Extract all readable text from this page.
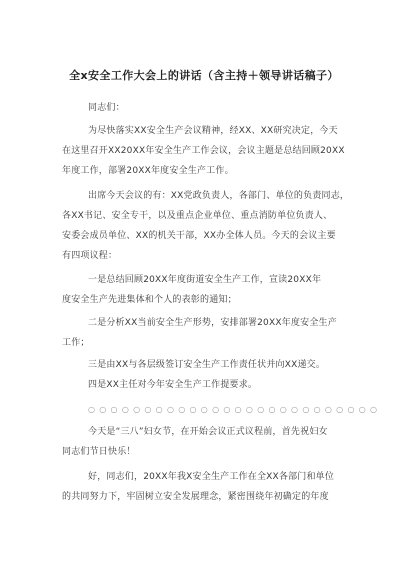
全x安全工作大会上的讲话（含主持＋领导讲话稿子）
同志们：
为尽快落实XX安全生产会议精神，经XX、XX研究决定，今天
在这里召开XX20XX年安全生产工作会议，会议主题是总结回顾20XX
年度工作，部署20XX年度安全生产工作。
出席今天会议的有：XX党政负责人，各部门、单位的负责同志，
各XX书记、安全专干，以及重点企业单位、重点消防单位负责人、
安委会成员单位、XX的机关干部，XX办全体人员。今天的会议主要
有四项议程：
一是总结回顾20XX年度街道安全生产工作，宣读20XX年
度安全生产先进集体和个人的表彰的通知；
二是分析XX当前安全生产形势，安排部署20XX年度安全生产
工作；
三是由XX与各层级签订安全生产工作责任状并向XX递交。
四是XX主任对今年安全生产工作提要求。
○○○○○○○○○○○○○○○○○○○○○○○○○○
今天是“三八”妇女节，在开始会议正式议程前，首先祝妇女
同志们节日快乐！
好，同志们，20XX年我X安全生产工作在全XX各部门和单位
的共同努力下，牢固树立安全发展理念，紧密围绕年初确定的年度
